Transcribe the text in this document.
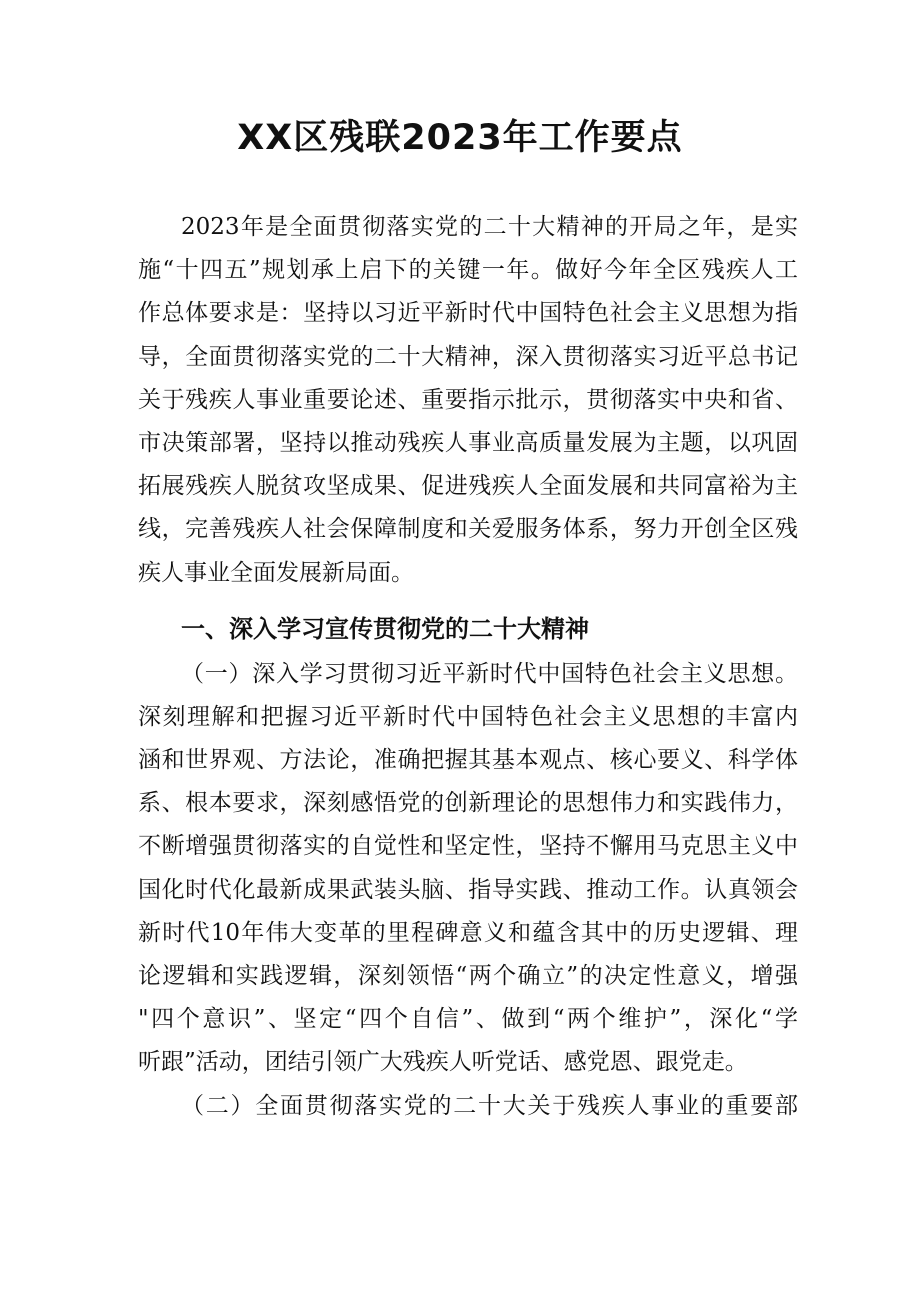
XX区残联2023年工作要点
2023年是全面贯彻落实党的二十大精神的开局之年，是实
施“十四五”规划承上启下的关键一年。做好今年全区残疾人工
作总体要求是：坚持以习近平新时代中国特色社会主义思想为指
导，全面贯彻落实党的二十大精神，深入贯彻落实习近平总书记
关于残疾人事业重要论述、重要指示批示，贯彻落实中央和省、
市决策部署，坚持以推动残疾人事业高质量发展为主题，以巩固
拓展残疾人脱贫攻坚成果、促进残疾人全面发展和共同富裕为主
线，完善残疾人社会保障制度和关爱服务体系，努力开创全区残
疾人事业全面发展新局面。
一、深入学习宣传贯彻党的二十大精神
（一）深入学习贯彻习近平新时代中国特色社会主义思想。
深刻理解和把握习近平新时代中国特色社会主义思想的丰富内
涵和世界观、方法论，准确把握其基本观点、核心要义、科学体
系、根本要求，深刻感悟党的创新理论的思想伟力和实践伟力，
不断增强贯彻落实的自觉性和坚定性，坚持不懈用马克思主义中
国化时代化最新成果武装头脑、指导实践、推动工作。认真领会
新时代10年伟大变革的里程碑意义和蕴含其中的历史逻辑、理
论逻辑和实践逻辑，深刻领悟“两个确立”的决定性意义，增强
"四个意识”、坚定“四个自信”、做到“两个维护”，深化“学
听跟”活动，团结引领广大残疾人听党话、感党恩、跟党走。
（二）全面贯彻落实党的二十大关于残疾人事业的重要部
